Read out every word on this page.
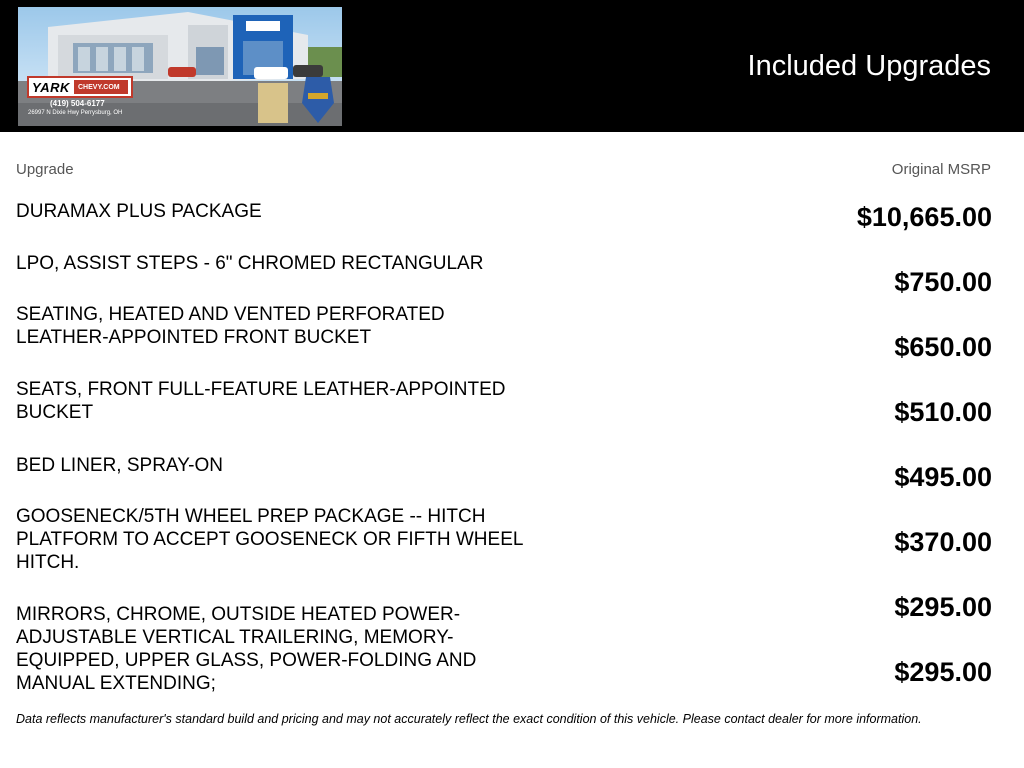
YARK CHEVY.COM
(419) 504-6177
26997 N Dixie Hwy Perrysburg, OH
Included Upgrades
Upgrade	Original MSRP
DURAMAX PLUS PACKAGE
LPO, ASSIST STEPS - 6" CHROMED RECTANGULAR
SEATING, HEATED AND VENTED PERFORATED LEATHER-APPOINTED FRONT BUCKET
SEATS, FRONT FULL-FEATURE LEATHER-APPOINTED BUCKET
BED LINER, SPRAY-ON
GOOSENECK/5TH WHEEL PREP PACKAGE -- HITCH PLATFORM TO ACCEPT GOOSENECK OR FIFTH WHEEL HITCH.
MIRRORS, CHROME, OUTSIDE HEATED POWER-ADJUSTABLE VERTICAL TRAILERING, MEMORY-EQUIPPED, UPPER GLASS, POWER-FOLDING AND MANUAL EXTENDING;
$10,665.00
$750.00
$650.00
$510.00
$495.00
$370.00
$295.00
$295.00
Data reflects manufacturer's standard build and pricing and may not accurately reflect the exact condition of this vehicle. Please contact dealer for more information.
